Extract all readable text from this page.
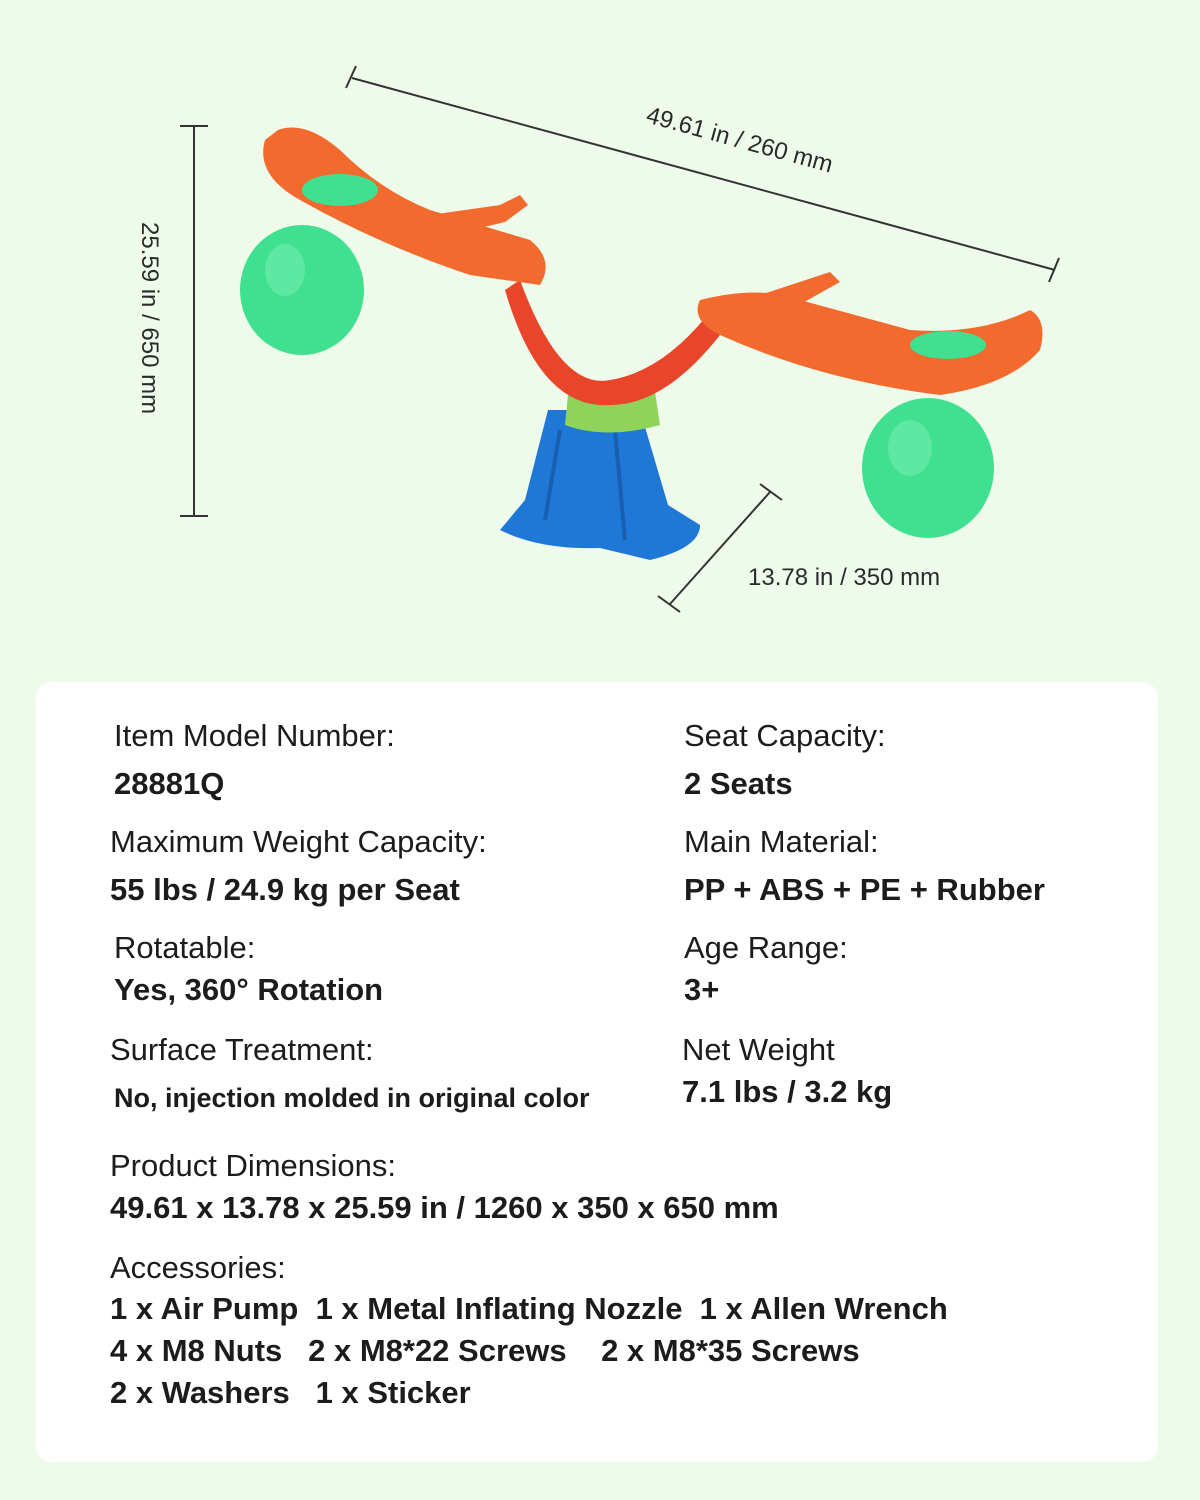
49.61 in / 260 mm
25.59 in / 650 mm
13.78 in / 350 mm
Item Model Number:
28881Q
Seat Capacity:
2 Seats
Maximum Weight Capacity:
55 lbs / 24.9 kg per Seat
Main Material:
PP + ABS + PE + Rubber
Rotatable:
Yes, 360° Rotation
Age Range:
3+
Surface Treatment:
No, injection molded in original color
Net Weight
7.1 lbs / 3.2 kg
Product Dimensions:
49.61 x 13.78 x 25.59 in / 1260 x 350 x 650 mm
Accessories:
1 x Air Pump  1 x Metal Inflating Nozzle  1 x Allen Wrench
4 x M8 Nuts   2 x M8*22 Screws    2 x M8*35 Screws
2 x Washers   1 x Sticker
